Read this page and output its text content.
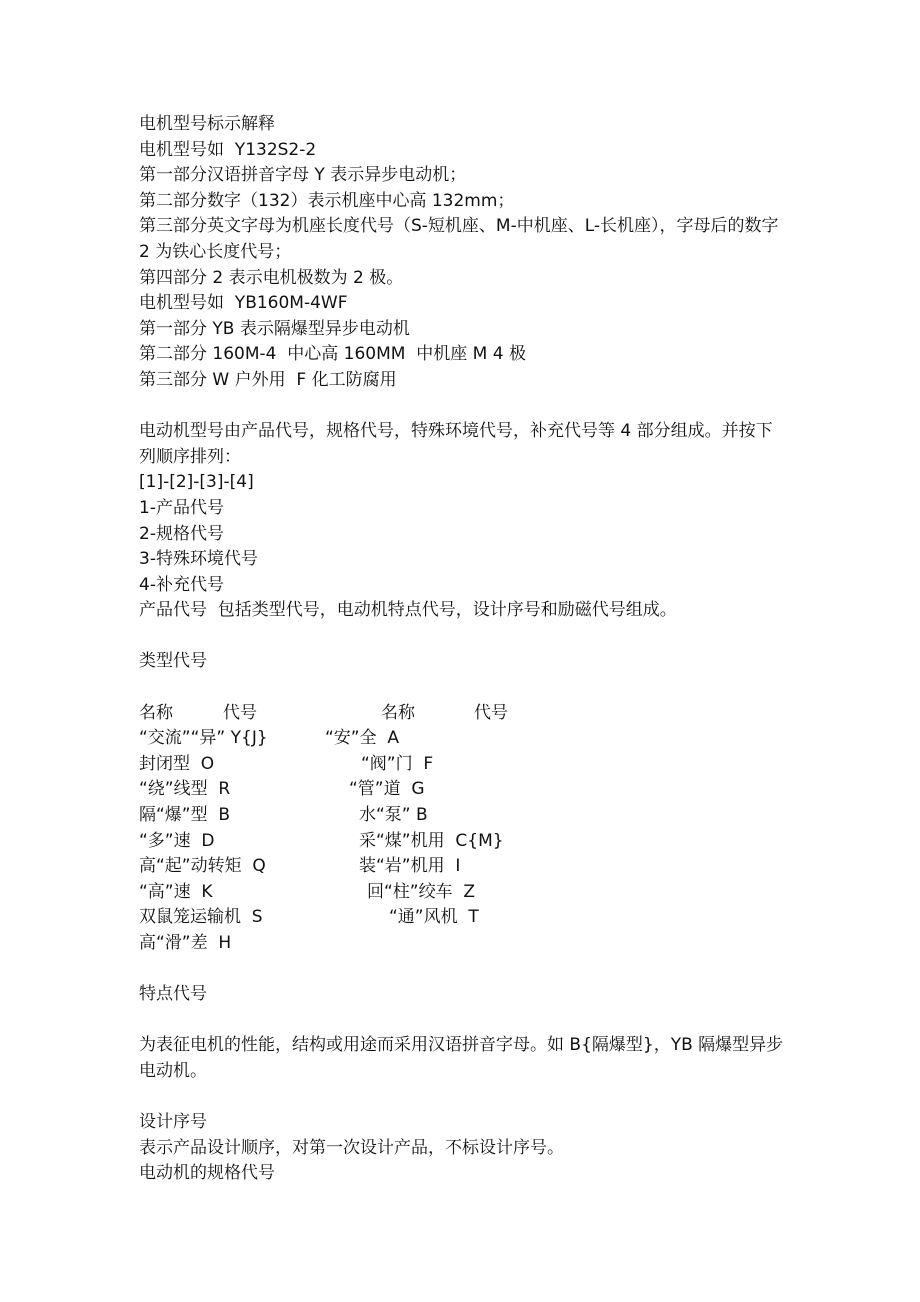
电机型号标示解释
电机型号如  Y132S2-2
第一部分汉语拼音字母 Y 表示异步电动机；
第二部分数字（132）表示机座中心高 132mm；
第三部分英文字母为机座长度代号（S-短机座、M-中机座、L-长机座），字母后的数字 2 为铁心长度代号；
第四部分 2 表示电机极数为 2 极。
电机型号如  YB160M-4WF
第一部分 YB 表示隔爆型异步电动机
第二部分 160M-4  中心高 160MM  中机座 M 4 极
第三部分 W 户外用  F 化工防腐用
电动机型号由产品代号，规格代号，特殊环境代号，补充代号等 4 部分组成。并按下列顺序排列：
[1]-[2]-[3]-[4]
1-产品代号
2-规格代号
3-特殊环境代号
4-补充代号
产品代号  包括类型代号，电动机特点代号，设计序号和励磁代号组成。
类型代号
名称	代号	名称	代号
“交流”“异” Y{J}	“安”全  A
封闭型  O	“阀”门  F
“绕”线型  R	“管”道  G
隔“爆”型  B	水“泵” B
“多”速  D	采“煤”机用  C{M}
高“起”动转矩  Q	装“岩”机用  I
“高”速  K	回“柱”绞车  Z
双鼠笼运输机  S	“通”风机  T
高“滑”差  H
特点代号
为表征电机的性能，结构或用途而采用汉语拼音字母。如 B{隔爆型}，YB 隔爆型异步电动机。
设计序号
表示产品设计顺序，对第一次设计产品，不标设计序号。
电动机的规格代号
